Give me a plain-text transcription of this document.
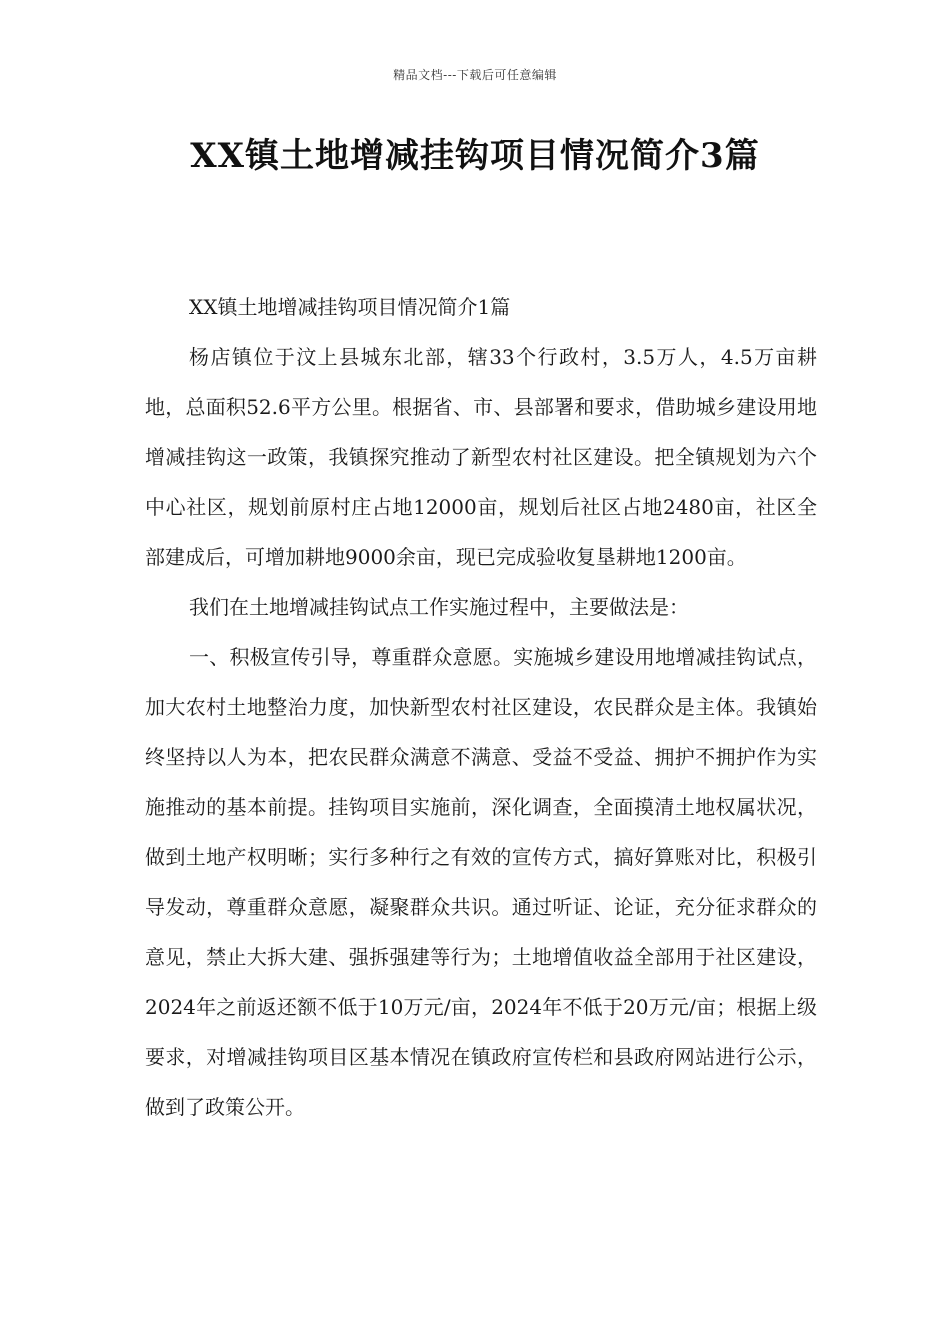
精品文档---下载后可任意编辑
XX镇土地增减挂钩项目情况简介3篇

XX镇土地增减挂钩项目情况简介1篇

杨店镇位于汶上县城东北部，辖33个行政村，3.5万人，4.5万亩耕地，总面积52.6平方公里。根据省、市、县部署和要求，借助城乡建设用地增减挂钩这一政策，我镇探究推动了新型农村社区建设。把全镇规划为六个中心社区，规划前原村庄占地12000亩，规划后社区占地2480亩，社区全部建成后，可增加耕地9000余亩，现已完成验收复垦耕地1200亩。

我们在土地增减挂钩试点工作实施过程中，主要做法是：

一、积极宣传引导，尊重群众意愿。实施城乡建设用地增减挂钩试点，加大农村土地整治力度，加快新型农村社区建设，农民群众是主体。我镇始终坚持以人为本，把农民群众满意不满意、受益不受益、拥护不拥护作为实施推动的基本前提。挂钩项目实施前，深化调查，全面摸清土地权属状况，做到土地产权明晰；实行多种行之有效的宣传方式，搞好算账对比，积极引导发动，尊重群众意愿，凝聚群众共识。通过听证、论证，充分征求群众的意见，禁止大拆大建、强拆强建等行为；土地增值收益全部用于社区建设，2024年之前返还额不低于10万元/亩，2024年不低于20万元/亩；根据上级要求，对增减挂钩项目区基本情况在镇政府宣传栏和县政府网站进行公示，做到了政策公开。
